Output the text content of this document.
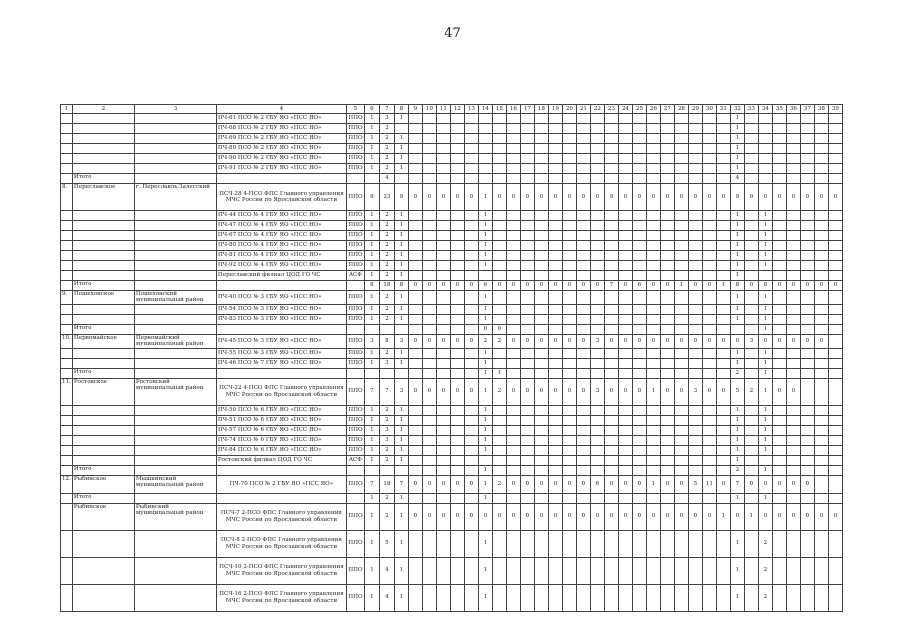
47
1	2	3	4	5	6	7	8	9	10	11	12	13	14	15	16	17	18	19	20	21	22	23	24	25	26	27	28	29	30	31	32	33	34	35	36	37	38	39
			ПЧ-61 ПСО № 2 ГБУ ЯО «ПСС ЯО»	ППО	1	3	1																								1							
			ПЧ-68 ПСО № 2 ГБУ ЯО «ПСС ЯО»	ППО	1	2																									1							
			ПЧ-69 ПСО № 2 ГБУ ЯО «ПСС ЯО»	ППО	1	2	1																								1							
			ПЧ-89 ПСО № 2 ГБУ ЯО «ПСС ЯО»	ППО	1	2	1																								1							
			ПЧ-90 ПСО № 2 ГБУ ЯО «ПСС ЯО»	ППО	1	2	1																								1							
			ПЧ-91 ПСО № 2 ГБУ ЯО «ПСС ЯО»	ППО	1	2	1																								1							
	Итого					4																									4							
8.	Переславское	г. Переславль-Залесский	ПСЧ-28 4-ПСО ФПС Главного управления МЧС России по Ярославской области	ППО	9	23	9	0	0	0	0	0	1	0	0	0	0	0	0	0	0	9	0	0	0	0	0	0	0	0	9	9	0	0	0	0	0	0
			ПЧ-44 ПСО № 4 ГБУ ЯО «ПСС ЯО»	ППО	1	2	1						1																		1		1					
			ПЧ-47 ПСО № 4 ГБУ ЯО «ПСС ЯО»	ППО	1	2	1						1																		1		1					
			ПЧ-67 ПСО № 4 ГБУ ЯО «ПСС ЯО»	ППО	1	2	1						1																		1		1					
			ПЧ-80 ПСО № 4 ГБУ ЯО «ПСС ЯО»	ППО	1	2	1						1																		1		1					
			ПЧ-81 ПСО № 4 ГБУ ЯО «ПСС ЯО»	ППО	1	2	1						1																		1		1					
			ПЧ-92 ПСО № 4 ГБУ ЯО «ПСС ЯО»	ППО	1	2	1						1																		1		1					
			Переславский филиал ЦОД ГО ЧС	АСФ	1	2	1																								1							
	Итого				8	18	8	0	0	0	0	0	6	0	0	0	0	0	0	0	0	7	0	6	0	0	1	0	0	1	8	0	8	0	0	0	0	0
9.	Пошехонское	Пошехонский муниципальный район	ПЧ-40 ПСО № 3 ГБУ ЯО «ПСС ЯО»	ППО	1	2	1						1																		1		1					
			ПЧ-54 ПСО № 3 ГБУ ЯО «ПСС ЯО»	ППО	1	2	1						1																		1		1					
			ПЧ-83 ПСО № 3 ГБУ ЯО «ПСС ЯО»	ППО	1	2	1						1																		1		1					
	Итого												0	0																			1					
10.	Первомайское	Первомайский муниципальный район	ПЧ-45 ПСО № 3 ГБУ ЯО «ПСС ЯО»	ППО	3	8	3	0	0	0	0	0	2	2	0	0	0	0	0	0	3	0	0	0	0	0	0	0	0	0	0	3	0	0	0	0	0	
			ПЧ-55 ПСО № 3 ГБУ ЯО «ПСС ЯО»	ППО	1	2	1						1																		1		1					
			ПЧ-46 ПСО № 7 ГБУ ЯО «ПСС ЯО»	ППО	1	3	1						1																		1		1					
	Итого												1	1																	2		1					
11.	Ростовское	Ростовский муниципальный район	ПСЧ-22 4-ПСО ФПС Главного управления МЧС России по Ярославской области	ППО	7	7	3	0	0	0	0	0	1	2	0	0	0	0	0	0	3	0	0	0	1	0	0	3	0	0	5	2	1	0	0			
			ПЧ-50 ПСО № 6 ГБУ ЯО «ПСС ЯО»	ППО	1	2	1						1																		1		1					
			ПЧ-51 ПСО № 6 ГБУ ЯО «ПСС ЯО»	ППО	1	2	1						1																		1		1					
			ПЧ-57 ПСО № 6 ГБУ ЯО «ПСС ЯО»	ППО	1	3	1						1																		1		1					
			ПЧ-74 ПСО № 6 ГБУ ЯО «ПСС ЯО»	ППО	1	3	1						1																		1		1					
			ПЧ-84 ПСО № 6 ГБУ ЯО «ПСС ЯО»	ППО	1	2	1						1																		1		1					
			Ростовский филиал ЦОД ГО ЧС	АСФ	1	2	1																								1							
	Итого												1																		2		1					
12.	Рыбинское	Мышкинский муниципальный район	ПЧ-70 ПСО № 2 ГБУ ЯО «ПСС ЯО»	ППО	7	18	7	0	0	0	0	0	1	2	0	0	0	0	0	0	6	0	0	0	1	0	0	5	11	0	7	0	0	0	0	0		
	Итого				1	2	1						1																		1		1					
	Рыбинское	Рыбинский муниципальный район	ПСЧ-7 2-ПСО ФПС Главного управления МЧС России по Ярославской области	ППО	1	2	1	0	0	0	0	0	0	0	0	0	0	0	0	0	0	0	0	0	0	0	0	0	0	1	0	1	0	0	0	0	0	0
			ПСЧ-8 2-ПСО ФПС Главного управления МЧС России по Ярославской области	ППО	1	5	1						1																		1		2					
			ПСЧ-10 2-ПСО ФПС Главного управления МЧС России по Ярославской области	ППО	1	4	1						1																		1		2					
			ПСЧ-16 2-ПСО ФПС Главного управления МЧС России по Ярославской области	ППО	1	4	1						1																		1		2					
